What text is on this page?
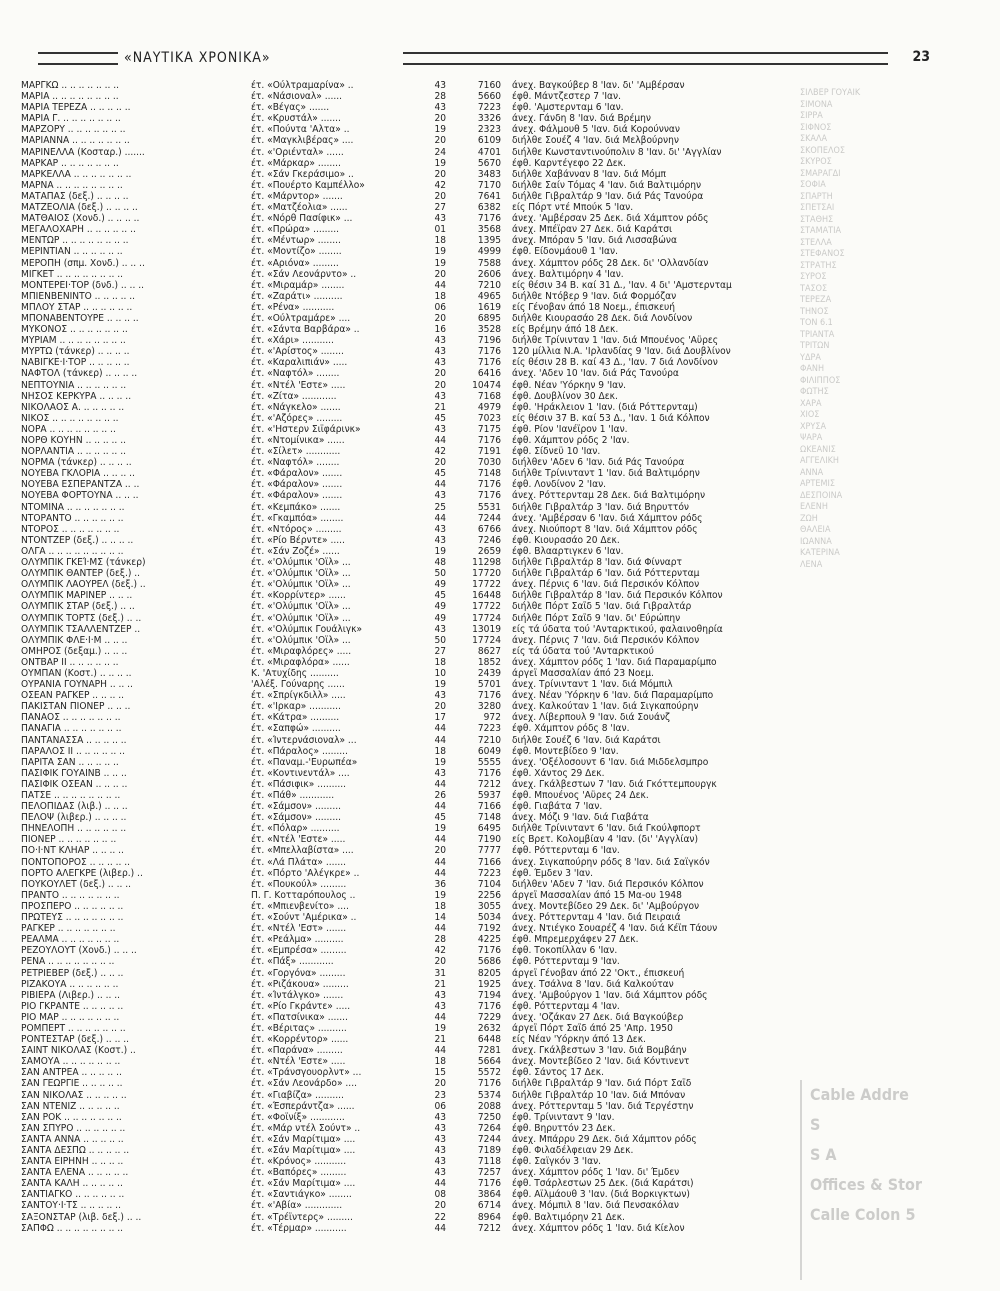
«ΝΑΥΤΙΚΑ ΧΡΟΝΙΚΑ»	23
ΜΑΡΓΚΩ .. .. .. .. .. .. ..	έτ. «Ούλτραμαρίνα» ..	43	7160 άνεχ. Βαγκούβερ 8 'Ιαν. δι' 'Αμβέρσαν
ΜΑΡΙΑ .. .. .. .. .. .. .. ..	έτ. «Νάσιοναλ» ......	28	5660 έφθ. Μάντζεστερ 7 'Ιαν.
ΜΑΡΙΑ ΤΕΡΕΖΑ .. .. .. .. ..	έτ. «Βέγας» .......	43	7223 έφθ. 'Αμστερνταμ 6 'Ιαν.
ΜΑΡΙΑ Γ. .. .. .. .. .. .. ..	έτ. «Κρυστάλ» .......	20	3326 άνεχ. Γάνδη 8 'Ιαν. διά Βρέμην
ΜΑΡΖΟΡΥ .. .. .. .. .. .. ..	έτ. «Πούντα 'Αλτα» ..	19	2323 άνεχ. Φάλμουθ 5 'Ιαν. διά Κορούνναν
ΜΑΡΙΑΝΝΑ .. .. .. .. .. .. ..	έτ. «Μαγκλιβέρας» ....	20	6109 διήλθε Σουέζ 4 'Ιαν. διά Μελβούρνην
ΜΑΡΙΝΕΛΛΑ (Κοσταρ.) .......	έτ. «'Οριένταλ» ......	24	4701 διήλθε Κωνσταντινούπολιν 8 'Ιαν. δι' 'Αγγλίαν
ΜΑΡΚΑΡ .. .. .. .. .. .. ..	έτ. «Μάρκαρ» ........	19	5670 έφθ. Καρντέγεφο 22 Δεκ.
ΜΑΡΚΕΛΛΑ .. .. .. .. .. .. ..	έτ. «Σάν Γκεράσιμο» ..	20	3483 διήλθε Χαβάνναν 8 'Ιαν. διά Μόμπ
ΜΑΡΝΑ .. .. .. .. .. .. .. ..	έτ. «Πουέρτο Καμπέλλο»	42	7170 διήλθε Σαίν Τόμας 4 'Ιαν. διά Βαλτιμόρην
ΜΑΤΑΠΑΣ (δεξ.) .. .. .. ..	έτ. «Μάρντορ» .......	20	7641 διήλθε Γιβραλτάρ 9 'Ιαν. διά Ράς Τανούρα
ΜΑΤΖΕΟΛΙΑ (δεξ.) .. .. .. ..	έτ. «Ματζέολια» ......	27	6382 είς Πόρτ ντέ Μπούκ 5 'Ιαν.
ΜΑΤΘΑΙΟΣ (Χονδ.) .. .. .. ..	έτ. «Νόρθ Πασίφικ» ...	43	7176 άνεχ. 'Αμβέρσαν 25 Δεκ. διά Χάμπτον ρόδς
ΜΕΓΑΛΟΧΑΡΗ .. .. .. .. .. ..	έτ. «Πρώρα» .........	01	3568 άνεχ. Μπέϊραν 27 Δεκ. διά Καράτσι
ΜΕΝΤΩΡ .. .. .. .. .. .. .. ..	έτ. «Μέντωρ» ........	18	1395 άνεχ. Μπόραν 5 'Ιαν. διά Λισσαβώνα
ΜΕΡΙΝΤΙΑΝ .. .. .. .. .. ..	έτ. «Μοντίζο» ........	19	4999 έφθ. Είδονμάουθ 1 'Ιαν.
ΜΕΡΟΠΗ (σπμ. Χονδ.) .. .. ..	έτ. «Αριόνα» .........	19	7588 άνεχ. Χάμπτον ρόδς 28 Δεκ. δι' 'Ολλανδίαν
ΜΙΓΚΕΤ .. .. .. .. .. .. .. ..	έτ. «Σάν Λεονάρντο» ..	20	2606 άνεχ. Βαλτιμόρην 4 'Ιαν.
ΜΟΝΤΕΡΕΪ·ΤΟΡ (δνδ.) .. .. ..	έτ. «Μιραμάρ» ........	44	7210 είς θέσιν 34 Β. καί 31 Δ., 'Ιαν. 4 δι' 'Αμστερνταμ
ΜΠΙΕΝΒΕΝΙΝΤΟ .. .. .. .. ..	έτ. «Ζαράτι» ..........	18	4965 διήλθε Ντόβερ 9 'Ιαν. διά Φορμόζαν
ΜΠΛΟΥ ΣΤΑΡ .. .. .. .. .. ..	έτ. «Ρένα» ...........	06	1619 είς Γένοβαν άπό 18 Νοεμ., έπισκευή
ΜΠΟΝΑΒΕΝΤΟΥΡΕ .. .. .. ..	έτ. «Ούλτραμάρε» ....	20	6895 διήλθε Κιουρασάο 28 Δεκ. διά Λονδίνον
ΜΥΚΟΝΟΣ .. .. .. .. .. .. ..	έτ. «Σάντα Βαρβάρα» ..	16	3528 είς Βρέμην άπό 18 Δεκ.
ΜΥΡΙΑΜ .. .. .. .. .. .. .. ..	έτ. «Χάρι» ...........	43	7196 διήλθε Τρίνινταν 1 'Ιαν. διά Μπουένος 'Αϋρες
ΜΥΡΤΩ (τάνκερ) .. .. .. ..	έτ. «'Αρίστος» ........	43	7176 120 μίλλια Ν.Α. 'Ιρλανδίας 9 'Ιαν. διά Δουβλίνον
ΝΑΒΙΓΚΕ·Ι·ΤΟΡ .. .. .. .. ..	έτ. «Καραλιπιάν» .....	43	7176 είς θέσιν 28 Β. καί 43 Δ., 'Ιαν. 7 διά Λονδίνον
ΝΑΦΤΟΛ (τάνκερ) .. .. .. ..	έτ. «Ναφτόλ» ........	20	6416 άνεχ. 'Αδεν 10 'Ιαν. διά Ράς Τανούρα
ΝΕΠΤΟΥΝΙΑ .. .. .. .. .. ..	έτ. «Ντέλ 'Εστε» .....	20	10474 έφθ. Νέαν 'Υόρκην 9 'Ιαν.
ΝΗΣΟΣ ΚΕΡΚΥΡΑ .. .. .. ..	έτ. «Ζίτα» ............	43	7168 έφθ. Δουβλίνον 30 Δεκ.
ΝΙΚΟΛΑΟΣ Α. .. .. .. .. ..	έτ. «Νάγκελο» .......	21	4979 έφθ. 'Ηράκλειον 1 'Ιαν. (διά Ρόττερνταμ)
ΝΙΚΟΣ .. .. .. .. .. .. .. ..	έτ. «'Αζόρες» .........	45	7023 είς θέσιν 37 Β. καί 53 Δ., 'Ιαν. 1 διά Κόλπον
ΝΟΡΑ .. .. .. .. .. .. .. ..	έτ. «'Ηστερν Σιϊφάρινκ»	43	7175 έφθ. Ρίον 'Ιανέϊρον 1 'Ιαν.
ΝΟΡΘ ΚΟΥΗΝ .. .. .. .. ..	έτ. «Ντομίνικα» ......	44	7176 έφθ. Χάμπτον ρόδς 2 'Ιαν.
ΝΟΡΛΑΝΤΙΑ .. .. .. .. .. ..	έτ. «Σίλετ» ............	42	7191 έφθ. Σίδνεϋ 10 'Ιαν.
ΝΟΡΜΑ (τάνκερ) .. .. .. ..	έτ. «Ναφτόλ» ........	20	7030 διήλθεν 'Αδεν 6 'Ιαν. διά Ράς Τανούρα
ΝΟΥΕΒΑ ΓΚΛΟΡΙΑ .. .. .. ..	έτ. «Φάραλον» .......	45	7148 διήλθε Τρίνινταντ 1 'Ιαν. διά Βαλτιμόρην
ΝΟΥΕΒΑ ΕΣΠΕΡΑΝΤΖΑ .. ..	έτ. «Φάραλον» .......	44	7176 έφθ. Λονδίνον 2 'Ιαν.
ΝΟΥΕΒΑ ΦΟΡΤΟΥΝΑ .. .. ..	έτ. «Φάραλον» .......	43	7176 άνεχ. Ρόττερνταμ 28 Δεκ. διά Βαλτιμόρην
ΝΤΟΜΙΝΑ .. .. .. .. .. .. ..	έτ. «Κεμπάκο» .......	25	5531 διήλθε Γιβραλτάρ 3 'Ιαν. διά Βηρυττόν
ΝΤΟΡΑΝΤΟ .. .. .. .. .. ..	έτ. «Γκαμπόα» ........	44	7244 άνεχ. 'Αμβέρσαν 6 'Ιαν. διά Χάμπτον ρόδς
ΝΤΟΡΟΣ .. .. .. .. .. .. ..	έτ. «Ντόρος» .........	43	6766 άνεχ. Νιούπορτ 8 'Ιαν. διά Χάμπτον ρόδς
ΝΤΟΝΤΖΕΡ (δεξ.) .. .. .. ..	έτ. «Ρίο Βέρντε» .....	43	7246 έφθ. Κιουρασάο 20 Δεκ.
ΟΛΓΑ .. .. .. .. .. .. .. .. ..	έτ. «Σάν Ζοζέ» ......	19	2659 έφθ. Βλααρτιγκεν 6 'Ιαν.
ΟΛΥΜΠΙΚ ΓΚΕΊ·ΜΣ (τάνκερ)	έτ. «'Ολύμπικ 'Οϊλ» ...	48	11298 διήλθε Γιβραλτάρ 8 'Ιαν. διά Φίνναρτ
ΟΛΥΜΠΙΚ ΘΑΝΤΕΡ (δεξ.) ..	έτ. «'Ολύμπικ 'Οϊλ» ...	50	17720 διήλθε Γιβραλτάρ 6 'Ιαν. διά Ρόττερνταμ
ΟΛΥΜΠΙΚ ΛΑΟΥΡΕΛ (δεξ.) ..	έτ. «'Ολύμπικ 'Οϊλ» ...	49	17722 άνεχ. Πέρνις 6 'Ιαν. διά Περσικόν Κόλπον
ΟΛΥΜΠΙΚ ΜΑΡΙΝΕΡ .. .. ..	έτ. «Κορρίντερ» ......	45	16448 διήλθε Γιβραλτάρ 8 'Ιαν. διά Περσικόν Κόλπον
ΟΛΥΜΠΙΚ ΣΤΑΡ (δεξ.) .. ..	έτ. «'Ολύμπικ 'Οϊλ» ...	49	17722 διήλθε Πόρτ Σαΐδ 5 'Ιαν. διά Γιβραλτάρ
ΟΛΥΜΠΙΚ ΤΟΡΤΣ (δεξ.) .. ..	έτ. «'Ολύμπικ 'Οϊλ» ...	49	17724 διήλθε Πόρτ Σαΐδ 9 'Ιαν. δι' Εύρώπην
ΟΛΥΜΠΙΚ ΤΣΑΛΛΕΝΤΖΕΡ ..	έτ. «'Ολύμπικ Γουάλιγκ»	43	13019 είς τά ύδατα τού 'Ανταρκτικού, φαλαινοθηρία
ΟΛΥΜΠΙΚ ΦΛΕ·Ι·Μ .. .. ..	έτ. «'Ολύμπικ 'Οϊλ» ...	50	17724 άνεχ. Πέρνις 7 'Ιαν. διά Περσικόν Κόλπον
ΟΜΗΡΟΣ (δεξαμ.) .. .. ..	έτ. «Μιραφλόρες» .....	27	8627 είς τά ύδατα τού 'Ανταρκτικού
ΟΝΤΒΑΡ ΙΙ .. .. .. .. .. ..	έτ. «Μιραφλόρα» ......	18	1852 άνεχ. Χάμπτον ρόδς 1 'Ιαν. διά Παραμαρίμπο
ΟΥΜΠΑΝ (Κοστ.) .. .. .. ..	Κ. 'Ατυχίδης ..........	10	2439 άργεΐ Μασσαλίαν άπό 23 Νοεμ.
ΟΥΡΑΝΙΑ ΓΟΥΝΑΡΗ .. .. ..	'Αλέξ. Γούναρης ......	19	5701 άνεχ. Τρίνινταντ 1 'Ιαν. διά Μόμπιλ
ΟΣΕΑΝ ΡΑΓΚΕΡ .. .. .. ..	έτ. «Σπρίγκδιλλ» .....	43	7176 άνεχ. Νέαν 'Υόρκην 6 'Ιαν. διά Παραμαρίμπο
ΠΑΚΙΣΤΑΝ ΠΙΟΝΕΡ .. .. ..	έτ. «'Ιρκαρ» ...........	20	3280 άνεχ. Καλκούταν 1 'Ιαν. διά Σιγκαπούρην
ΠΑΝΑΟΣ .. .. .. .. .. .. ..	έτ. «Κάτρα» ..........	17	972 άνεχ. Λίβερπουλ 9 'Ιαν. διά Σουάνζ
ΠΑΝΑΓΙΑ .. .. .. .. .. .. ..	έτ. «Σαπφώ» ..........	44	7223 έφθ. Χάμπτον ρόδς 8 'Ιαν.
ΠΑΝΤΑΝΑΣΣΑ .. .. .. .. ..	έτ. «Ίντερνάσιοναλ» ...	44	7210 διήλθε Σουέζ 6 'Ιαν. διά Καράτσι
ΠΑΡΑΛΟΣ ΙΙ .. .. .. .. .. ..	έτ. «Πάραλος» .........	18	6049 έφθ. Μοντεβίδεο 9 'Ιαν.
ΠΑΡΙΤΑ ΣΑΝ .. .. .. .. ..	έτ. «Παναμ.-'Ευρωπέα»	19	5555 άνεχ. 'Οξέλοσουντ 6 'Ιαν. διά Μιδδελσμπρο
ΠΑΣΙΦΙΚ ΓΟΥΑΪΝΒ .. .. ..	έτ. «Κοντινεντάλ» ....	43	7176 έφθ. Χάντος 29 Δεκ.
ΠΑΣΙΦΙΚ ΟΣΕΑΝ .. .. .. ..	έτ. «Πάσιφικ» ..........	44	7212 άνεχ. Γκάλβεστων 7 'Ιαν. διά Γκόττεμπουργκ
ΠΑΤΣΕ .. .. .. .. .. .. .. ..	έτ. «Πάθ» ............	26	5937 έφθ. Μπουένος 'Αϋρες 24 Δεκ.
ΠΕΛΟΠΙΔΑΣ (λιβ.) .. .. ..	έτ. «Σάμσον» .........	44	7166 έφθ. Γιαβάτα 7 'Ιαν.
ΠΕΛΟΨ (λιβερ.) .. .. .. ..	έτ. «Σάμσον» .........	45	7148 άνεχ. Μόζι 9 'Ιαν. διά Γιαβάτα
ΠΗΝΕΛΟΠΗ .. .. .. .. .. ..	έτ. «Πόλαρ» ..........	19	6495 διήλθε Τρίνινταντ 6 'Ιαν. διά Γκούλφπορτ
ΠΙΟΝΕΡ .. .. .. .. .. .. ..	έτ. «Ντέλ 'Εστε» .....	44	7190 είς Βρετ. Κολομβίαν 4 'Ιαν. (δι' 'Αγγλίαν)
ΠΟ·Ι·ΝΤ ΚΛΗΑΡ .. .. .. ..	έτ. «Μπελλαβίστα» ....	20	7777 έφθ. Ρόττερνταμ 6 'Ιαν.
ΠΟΝΤΟΠΟΡΟΣ .. .. .. .. ..	έτ. «Λά Πλάτα» .......	44	7166 άνεχ. Σιγκαπούρην ρόδς 8 'Ιαν. διά Σαϊγκόν
ΠΟΡΤΟ ΑΛΕΓΚΡΕ (λιβερ.) ..	έτ. «Πόρτο 'Αλέγκρε» ..	44	7223 έφθ. Έμδεν 3 'Ιαν.
ΠΟΥΚΟΥΛΕΤ (δεξ.) .. .. ..	έτ. «Πουκούλ» .........	36	7104 διήλθεν 'Αδεν 7 'Ιαν. διά Περσικόν Κόλπον
ΠΡΑΝΤΟ .. .. .. .. .. .. ..	Π. Γ. Κοτταρόπουλος ..	19	2256 άργεΐ Μασσαλίαν άπό 15 Μα-ου 1948
ΠΡΟΣΠΕΡΟ .. .. .. .. .. ..	έτ. «Μπιενβενίτο» ....	18	3055 άνεχ. Μοντεβίδεο 29 Δεκ. δι' 'Αμβούργον
ΠΡΩΤΕΥΣ .. .. .. .. .. .. ..	έτ. «Σούντ 'Αμέρικα» ..	14	5034 άνεχ. Ρόττερνταμ 4 'Ιαν. διά Πειραιά
ΡΑΓΚΕΡ .. .. .. .. .. .. ..	έτ. «Ντέλ 'Εστ» .......	44	7192 άνεχ. Ντιέγκο Σουαρέζ 4 'Ιαν. διά Κέϊπ Τάουν
ΡΕΑΛΜΑ .. .. .. .. .. .. ..	έτ. «Ρεάλμα» ..........	28	4225 έφθ. Μπρεμερχάφεν 27 Δεκ.
ΡΕΖΟΥΛΟΥΤ (Χονδ.) .. .. ..	έτ. «Εμπρέσα» .........	42	7176 έφθ. Τοκοπίλλαν 6 'Ιαν.
ΡΕΝΑ .. .. .. .. .. .. .. ..	έτ. «Πάξ» ............	20	5686 έφθ. Ρόττερνταμ 9 'Ιαν.
ΡΕΤΡΙΕΒΕΡ (δεξ.) .. .. ..	έτ. «Γοργόνα» .........	31	8205 άργεΐ Γένοβαν άπό 22 'Οκτ., έπισκευή
ΡΙΖΑΚΟΥΑ .. .. .. .. .. ..	έτ. «Ριζάκουα» .........	21	1925 άνεχ. Τσάλνα 8 'Ιαν. διά Καλκούταν
ΡΙΒΙΕΡΑ (Λιβερ.) .. .. ..	έτ. «Ίντάλγκο» .......	43	7194 άνεχ. 'Αμβούργον 1 'Ιαν. διά Χάμπτον ρόδς
ΡΙΟ ΓΚΡΑΝΤΕ .. .. .. .. ..	έτ. «Ρίο Γκράντε» .....	43	7176 έφθ. Ρόττερνταμ 4 'Ιαν.
ΡΙΟ ΜΑΡ .. .. .. .. .. .. ..	έτ. «Πατσίνικα» .......	44	7229 άνεχ. 'Οζάκαν 27 Δεκ. διά Βαγκούβερ
ΡΟΜΠΕΡΤ .. .. .. .. .. .. ..	έτ. «Βέριτας» ..........	19	2632 άργεΐ Πόρτ Σαΐδ άπό 25 'Απρ. 1950
ΡΟΝΤΕΣΤΑΡ (δεξ.) .. .. ..	έτ. «Κορρέντορ» ......	21	6448 είς Νέαν 'Υόρκην άπό 13 Δεκ.
ΣΑΙΝΤ ΝΙΚΟΛΑΣ (Κοστ.) ..	έτ. «Παράνα» .........	44	7281 άνεχ. Γκάλβεστων 3 'Ιαν. διά Βομβάην
ΣΑΜΟΥΑ .. .. .. .. .. .. ..	έτ. «Ντέλ 'Εστε» .....	18	5664 άνεχ. Μοντεβίδεο 2 'Ιαν. διά Κόντινεντ
ΣΑΝ ΑΝΤΡΕΑ .. .. .. .. ..	έτ. «Τράνσγουορλντ» ...	15	5572 έφθ. Σάντος 17 Δεκ.
ΣΑΝ ΓΕΩΡΓΙΕ .. .. .. .. ..	έτ. «Σάν Λεονάρδο» ....	20	7176 διήλθε Γιβραλτάρ 9 'Ιαν. διά Πόρτ Σαΐδ
ΣΑΝ ΝΙΚΟΛΑΣ .. .. .. .. ..	έτ. «Γιαβίζα» ..........	23	5374 διήλθε Γιβραλτάρ 10 'Ιαν. διά Μπόναν
ΣΑΝ ΝΤΕΝΙΖ .. .. .. .. ..	έτ. «Έσπεράντζα» ......	06	2088 άνεχ. Ρόττερνταμ 5 'Ιαν. διά Τεργέστην
ΣΑΝ ΡΟΚ .. .. .. .. .. .. ..	έτ. «Φοϊνίξ» ............	43	7250 έφθ. Τρίνινταντ 9 'Ιαν.
ΣΑΝ ΣΠΥΡΟ .. .. .. .. .. ..	έτ. «Μάρ ντέλ Σούντ» ..	43	7264 έφθ. Βηρυττόν 23 Δεκ.
ΣΑΝΤΑ ΑΝΝΑ .. .. .. .. ..	έτ. «Σάν Μαρίτιμα» ....	43	7244 άνεχ. Μπάρρυ 29 Δεκ. διά Χάμπτον ρόδς
ΣΑΝΤΑ ΔΕΣΠΩ .. .. .. .. ..	έτ. «Σάν Μαρίτιμα» ....	43	7189 έφθ. Φιλαδέλφειαν 29 Δεκ.
ΣΑΝΤΑ ΕΙΡΗΝΗ .. .. .. ..	έτ. «Κρόνος» ...........	43	7118 έφθ. Σαϊγκόν 3 'Ιαν.
ΣΑΝΤΑ ΕΛΕΝΑ .. .. .. .. ..	έτ. «Βαπόρες» .........	43	7257 άνεχ. Χάμπτον ρόδς 1 'Ιαν. δι' Έμδεν
ΣΑΝΤΑ ΚΑΛΗ .. .. .. .. ..	έτ. «Σάν Μαρίτιμα» ....	44	7176 έφθ. Τσάρλεστων 25 Δεκ. (διά Καράτσι)
ΣΑΝΤΙΑΓΚΟ .. .. .. .. .. ..	έτ. «Σαντιάγκο» ........	08	3864 έφθ. Αϊλμάουθ 3 'Ιαν. (διά Βορκιγκτων)
ΣΑΝΤΟΥ·Ι·ΤΣ .. .. .. .. ..	έτ. «'Αβία» .............	20	6714 άνεχ. Μόμπιλ 8 'Ιαν. διά Πενσακόλαν
ΣΑΞΟΝΣΤΑΡ (λιβ. δεξ.) .. ..	έτ. «Τρέϊντερς» .........	22	8964 έφθ. Βαλτιμόρην 21 Δεκ.
ΣΑΠΦΩ .. .. .. .. .. .. .. ..	έτ. «Τέρμαρ» ...........	44	7212 άνεχ. Χάμπτον ρόδς 1 'Ιαν. διά Κίελον
ΣΙΛΒΕΡ ΓΟΥΑΙΚ
ΣΙΜΟΝΑ
ΣΙΡΡΑ
ΣΙΦΝΟΣ
ΣΚΑΛΑ
ΣΚΟΠΕΛΟΣ
ΣΚΥΡΟΣ
ΣΜΑΡΑΓΔΙ
ΣΟΦΙΑ
ΣΠΑΡΤΗ
ΣΠΕΤΣΑΙ
ΣΤΑΘΗΣ
ΣΤΑΜΑΤΙΑ
ΣΤΕΛΛΑ
ΣΤΕΦΑΝΟΣ
ΣΤΡΑΤΗΣ
ΣΥΡΟΣ
ΤΑΣΟΣ
ΤΕΡΕΖΑ
ΤΗΝΟΣ
ΤΟΝ 6.1
ΤΡΙΑΝΤΑ
ΤΡΙΤΩΝ
ΥΔΡΑ
ΦΑΝΗ
ΦΙΛΙΠΠΟΣ
ΦΩΤΗΣ
ΧΑΡΑ
ΧΙΟΣ
ΧΡΥΣΑ
ΨΑΡΑ
ΩΚΕΑΝΙΣ
ΑΓΓΕΛΙΚΗ
ΑΝΝΑ
ΑΡΤΕΜΙΣ
ΔΕΣΠΟΙΝΑ
ΕΛΕΝΗ
ΖΩΗ
ΘΑΛΕΙΑ
ΙΩΑΝΝΑ
ΚΑΤΕΡΙΝΑ
ΛΕΝΑ
Cable Addre
S
S A
Offices & Stor
Calle Colon 5
